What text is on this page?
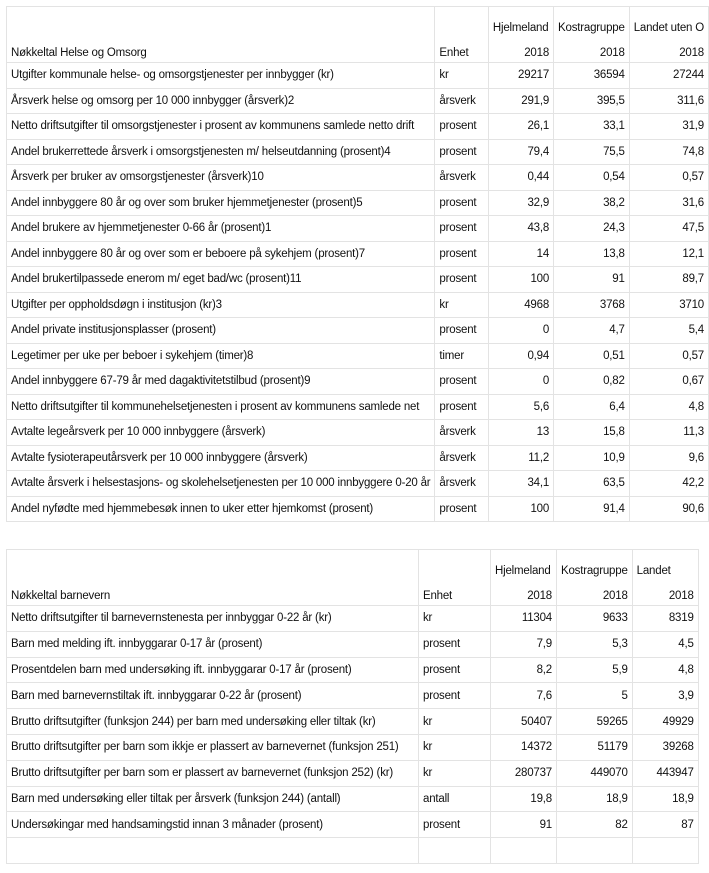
		Hjelmeland	Kostragruppe	Landet uten O
Nøkkeltal Helse og Omsorg	Enhet	2018	2018	2018
Utgifter kommunale helse- og omsorgstjenester per innbygger (kr)	kr	29217	36594	27244
Årsverk helse og omsorg per 10 000 innbygger (årsverk)2	årsverk	291,9	395,5	311,6
Netto driftsutgifter til omsorgstjenester i prosent av kommunens samlede netto drift	prosent	26,1	33,1	31,9
Andel brukerrettede årsverk i omsorgstjenesten m/ helseutdanning (prosent)4	prosent	79,4	75,5	74,8
Årsverk per bruker av omsorgstjenester (årsverk)10	årsverk	0,44	0,54	0,57
Andel innbyggere 80 år og over som bruker hjemmetjenester (prosent)5	prosent	32,9	38,2	31,6
Andel brukere av hjemmetjenester 0-66 år (prosent)1	prosent	43,8	24,3	47,5
Andel innbyggere 80 år og over som er beboere på sykehjem (prosent)7	prosent	14	13,8	12,1
Andel brukertilpassede enerom m/ eget bad/wc (prosent)11	prosent	100	91	89,7
Utgifter per oppholdsdøgn i institusjon (kr)3	kr	4968	3768	3710
Andel private institusjonsplasser (prosent)	prosent	0	4,7	5,4
Legetimer per uke per beboer i sykehjem (timer)8	timer	0,94	0,51	0,57
Andel innbyggere 67-79 år med dagaktivitetstilbud (prosent)9	prosent	0	0,82	0,67
Netto driftsutgifter til kommunehelsetjenesten i prosent av kommunens samlede net	prosent	5,6	6,4	4,8
Avtalte legeårsverk per 10 000 innbyggere (årsverk)	årsverk	13	15,8	11,3
Avtalte fysioterapeutårsverk per 10 000 innbyggere (årsverk)	årsverk	11,2	10,9	9,6
Avtalte årsverk i helsestasjons- og skolehelsetjenesten per 10 000 innbyggere 0-20 år	årsverk	34,1	63,5	42,2
Andel nyfødte med hjemmebesøk innen to uker etter hjemkomst (prosent)	prosent	100	91,4	90,6
		Hjelmeland	Kostragruppe	Landet
Nøkkeltal barnevern	Enhet	2018	2018	2018
Netto driftsutgifter til barnevernstenesta per innbyggar 0-22 år (kr)	kr	11304	9633	8319
Barn med melding ift. innbyggarar 0-17 år (prosent)	prosent	7,9	5,3	4,5
Prosentdelen barn med undersøking ift. innbyggarar 0-17 år (prosent)	prosent	8,2	5,9	4,8
Barn med barnevernstiltak ift. innbyggarar 0-22 år (prosent)	prosent	7,6	5	3,9
Brutto driftsutgifter (funksjon 244) per barn med undersøking eller tiltak (kr)	kr	50407	59265	49929
Brutto driftsutgifter per barn som ikkje er plassert av barnevernet (funksjon 251)	kr	14372	51179	39268
Brutto driftsutgifter per barn som er plassert av barnevernet (funksjon 252) (kr)	kr	280737	449070	443947
Barn med undersøking eller tiltak per årsverk (funksjon 244) (antall)	antall	19,8	18,9	18,9
Undersøkingar med handsamingstid innan 3 månader (prosent)	prosent	91	82	87
